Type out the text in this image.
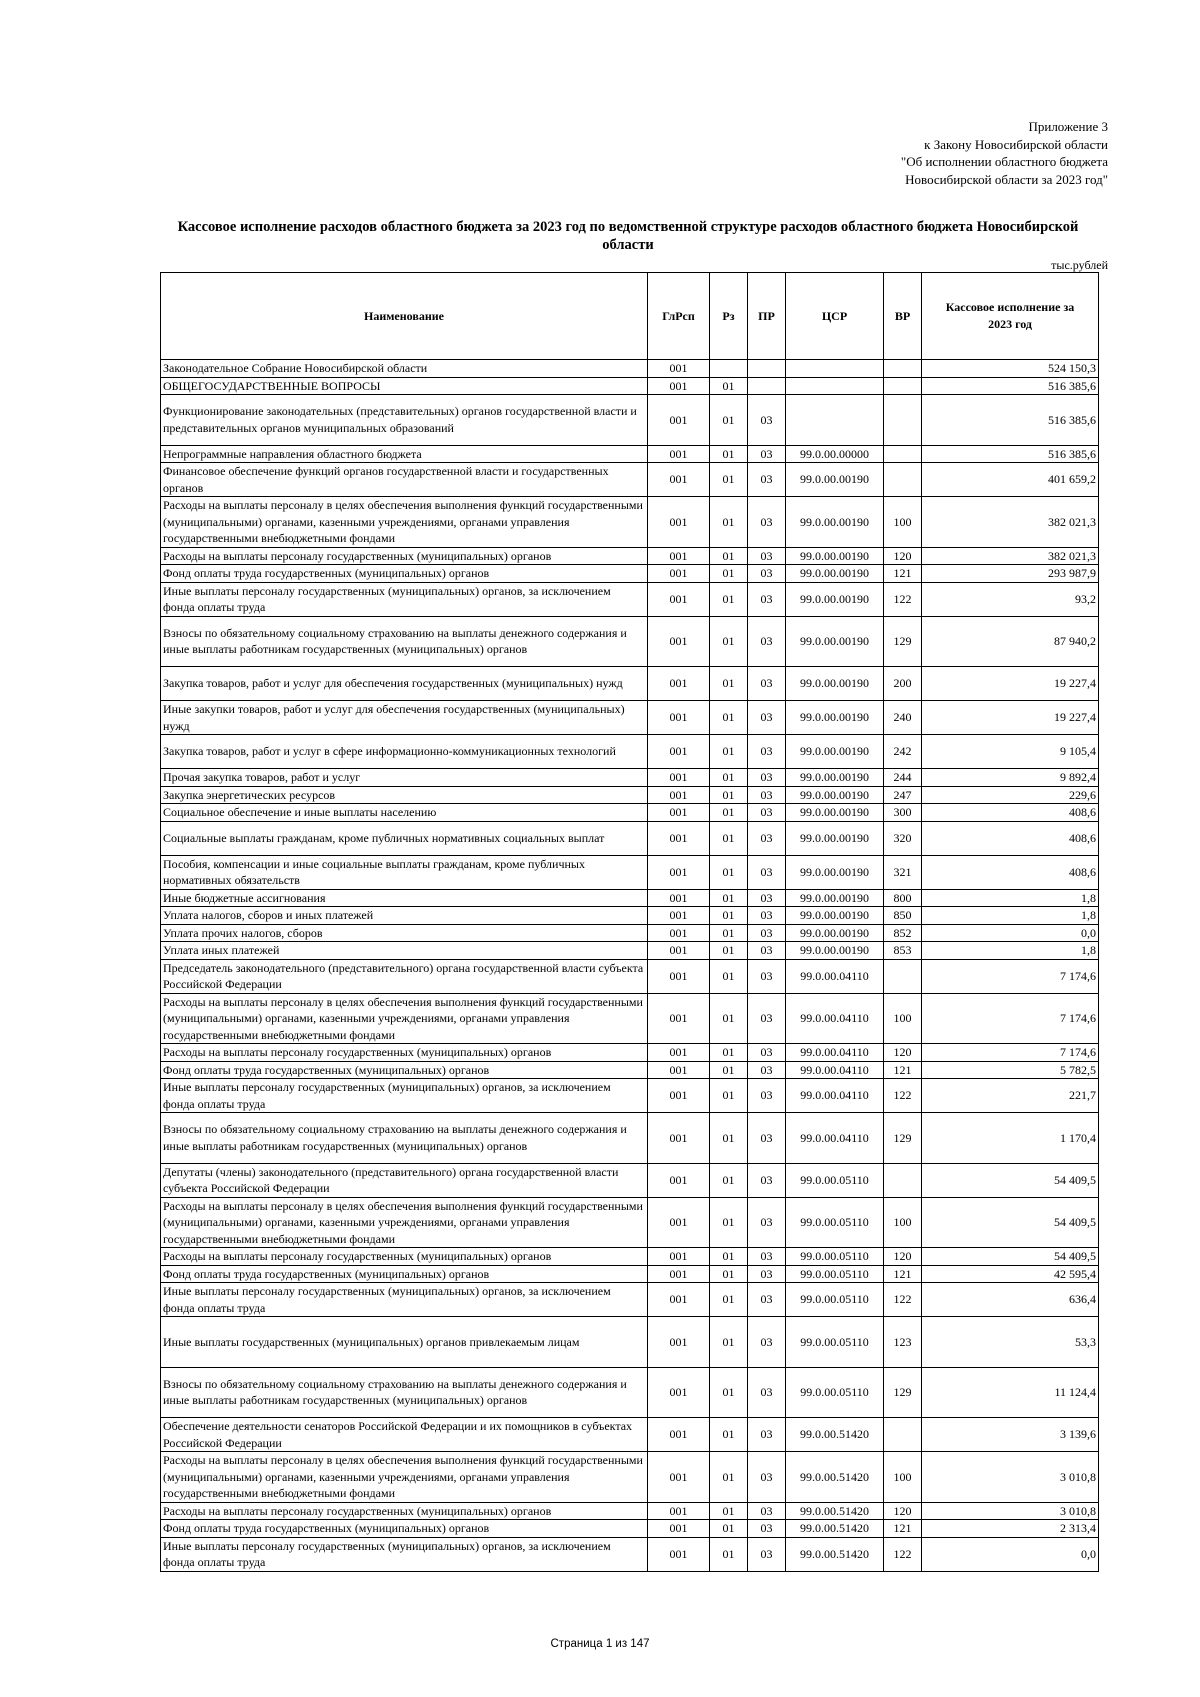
Приложение 3
к Закону Новосибирской области
"Об исполнении областного бюджета
Новосибирской области за 2023 год"
Кассовое исполнение расходов областного бюджета за 2023 год по ведомственной структуре расходов областного бюджета Новосибирской области
тыс.рублей
Наименование	ГлРсп	Рз	ПР	ЦСР	ВР	Кассовое исполнение за 2023 год
Законодательное Собрание Новосибирской области	001					524 150,3
ОБЩЕГОСУДАРСТВЕННЫЕ ВОПРОСЫ	001	01				516 385,6
Функционирование законодательных (представительных) органов государственной власти и представительных органов муниципальных образований	001	01	03			516 385,6
Непрограммные направления областного бюджета	001	01	03	99.0.00.00000		516 385,6
Финансовое обеспечение функций органов государственной власти и государственных органов	001	01	03	99.0.00.00190		401 659,2
Расходы на выплаты персоналу в целях обеспечения выполнения функций государственными (муниципальными) органами, казенными учреждениями, органами управления государственными внебюджетными фондами	001	01	03	99.0.00.00190	100	382 021,3
Расходы на выплаты персоналу государственных (муниципальных) органов	001	01	03	99.0.00.00190	120	382 021,3
Фонд оплаты труда государственных (муниципальных) органов	001	01	03	99.0.00.00190	121	293 987,9
Иные выплаты персоналу государственных (муниципальных) органов, за исключением фонда оплаты труда	001	01	03	99.0.00.00190	122	93,2
Взносы по обязательному социальному страхованию на выплаты денежного содержания и иные выплаты работникам государственных (муниципальных) органов	001	01	03	99.0.00.00190	129	87 940,2
Закупка товаров, работ и услуг для обеспечения государственных (муниципальных) нужд	001	01	03	99.0.00.00190	200	19 227,4
Иные закупки товаров, работ и услуг для обеспечения государственных (муниципальных) нужд	001	01	03	99.0.00.00190	240	19 227,4
Закупка товаров, работ и услуг в сфере информационно-коммуникационных технологий	001	01	03	99.0.00.00190	242	9 105,4
Прочая закупка товаров, работ и услуг	001	01	03	99.0.00.00190	244	9 892,4
Закупка энергетических ресурсов	001	01	03	99.0.00.00190	247	229,6
Социальное обеспечение и иные выплаты населению	001	01	03	99.0.00.00190	300	408,6
Социальные выплаты гражданам, кроме публичных нормативных социальных выплат	001	01	03	99.0.00.00190	320	408,6
Пособия, компенсации и иные социальные выплаты гражданам, кроме публичных нормативных обязательств	001	01	03	99.0.00.00190	321	408,6
Иные бюджетные ассигнования	001	01	03	99.0.00.00190	800	1,8
Уплата налогов, сборов и иных платежей	001	01	03	99.0.00.00190	850	1,8
Уплата прочих налогов, сборов	001	01	03	99.0.00.00190	852	0,0
Уплата иных платежей	001	01	03	99.0.00.00190	853	1,8
Председатель законодательного (представительного) органа государственной власти субъекта Российской Федерации	001	01	03	99.0.00.04110		7 174,6
Расходы на выплаты персоналу в целях обеспечения выполнения функций государственными (муниципальными) органами, казенными учреждениями, органами управления государственными внебюджетными фондами	001	01	03	99.0.00.04110	100	7 174,6
Расходы на выплаты персоналу государственных (муниципальных) органов	001	01	03	99.0.00.04110	120	7 174,6
Фонд оплаты труда государственных (муниципальных) органов	001	01	03	99.0.00.04110	121	5 782,5
Иные выплаты персоналу государственных (муниципальных) органов, за исключением фонда оплаты труда	001	01	03	99.0.00.04110	122	221,7
Взносы по обязательному социальному страхованию на выплаты денежного содержания и иные выплаты работникам государственных (муниципальных) органов	001	01	03	99.0.00.04110	129	1 170,4
Депутаты (члены) законодательного (представительного) органа государственной власти субъекта Российской Федерации	001	01	03	99.0.00.05110		54 409,5
Расходы на выплаты персоналу в целях обеспечения выполнения функций государственными (муниципальными) органами, казенными учреждениями, органами управления государственными внебюджетными фондами	001	01	03	99.0.00.05110	100	54 409,5
Расходы на выплаты персоналу государственных (муниципальных) органов	001	01	03	99.0.00.05110	120	54 409,5
Фонд оплаты труда государственных (муниципальных) органов	001	01	03	99.0.00.05110	121	42 595,4
Иные выплаты персоналу государственных (муниципальных) органов, за исключением фонда оплаты труда	001	01	03	99.0.00.05110	122	636,4
Иные выплаты государственных (муниципальных) органов привлекаемым лицам	001	01	03	99.0.00.05110	123	53,3
Взносы по обязательному социальному страхованию на выплаты денежного содержания и иные выплаты работникам государственных (муниципальных) органов	001	01	03	99.0.00.05110	129	11 124,4
Обеспечение деятельности сенаторов Российской Федерации и их помощников в субъектах Российской Федерации	001	01	03	99.0.00.51420		3 139,6
Расходы на выплаты персоналу в целях обеспечения выполнения функций государственными (муниципальными) органами, казенными учреждениями, органами управления государственными внебюджетными фондами	001	01	03	99.0.00.51420	100	3 010,8
Расходы на выплаты персоналу государственных (муниципальных) органов	001	01	03	99.0.00.51420	120	3 010,8
Фонд оплаты труда государственных (муниципальных) органов	001	01	03	99.0.00.51420	121	2 313,4
Иные выплаты персоналу государственных (муниципальных) органов, за исключением фонда оплаты труда	001	01	03	99.0.00.51420	122	0,0
Страница 1 из 147
